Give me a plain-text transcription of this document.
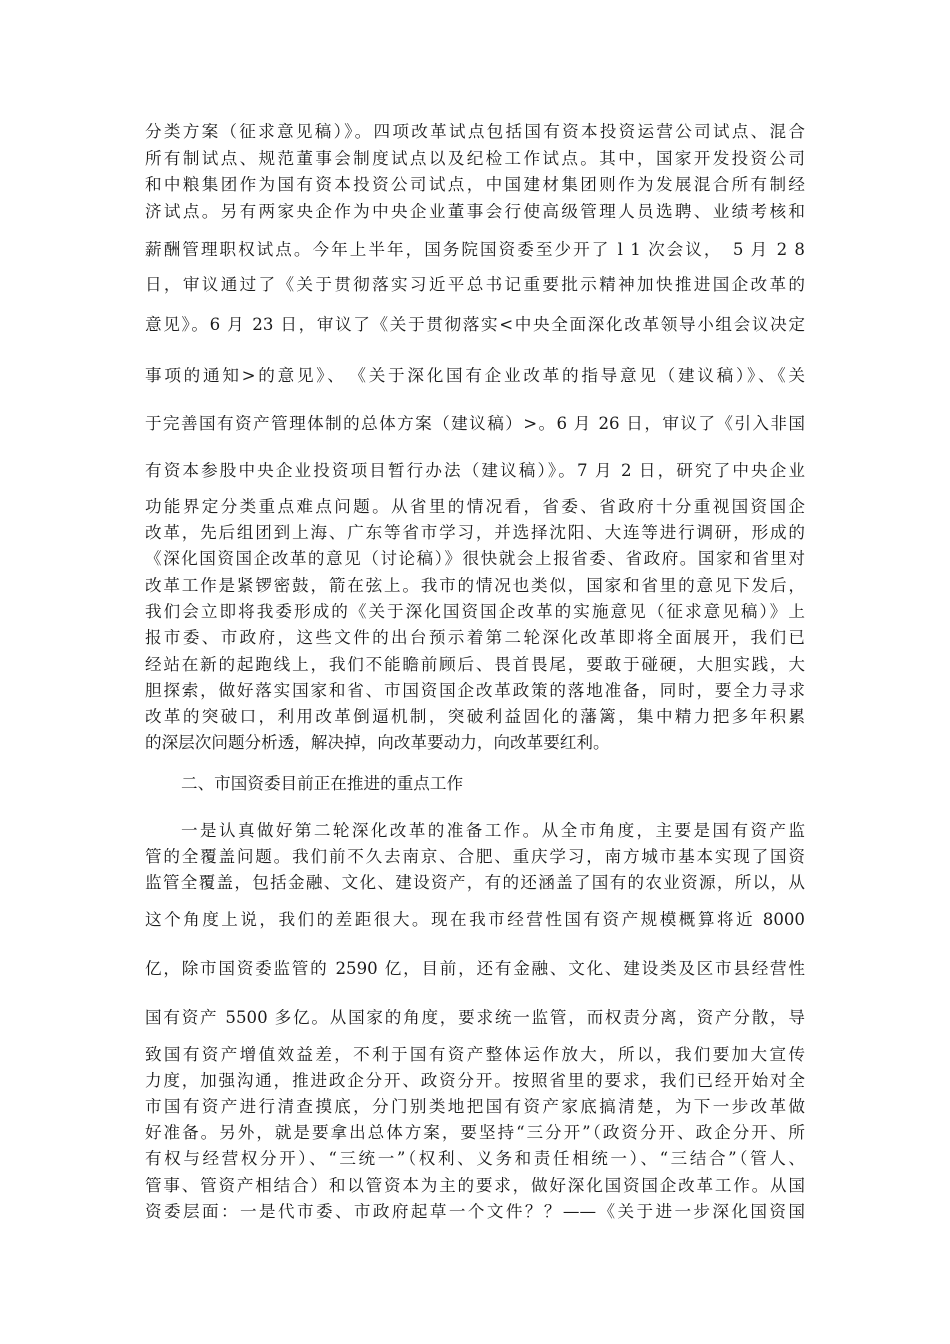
分类方案（征求意见稿）》。四项改革试点包括国有资本投资运营公司试点、混合

所有制试点、规范董事会制度试点以及纪检工作试点。其中，国家开发投资公司

和中粮集团作为国有资本投资公司试点，中国建材集团则作为发展混合所有制经

济试点。另有两家央企作为中央企业董事会行使高级管理人员选聘、业绩考核和

薪酬管理职权试点。今年上半年，国务院国资委至少开了 l 1 次会议，　5 月 2 8

日，审议通过了《关于贯彻落实习近平总书记重要批示精神加快推进国企改革的

意见》。6 月 23 日，审议了《关于贯彻落实<中央全面深化改革领导小组会议决定

事项的通知>的意见》、　《关于深化国有企业改革的指导意见（建议稿）》、《关

于完善国有资产管理体制的总体方案（建议稿）>。6 月 26 日，审议了《引入非国

有资本参股中央企业投资项目暂行办法（建议稿）》。7 月 2 日，研究了中央企业

功能界定分类重点难点问题。从省里的情况看，省委、省政府十分重视国资国企

改革，先后组团到上海、广东等省市学习，并选择沈阳、大连等进行调研，形成的

《深化国资国企改革的意见（讨论稿）》很快就会上报省委、省政府。国家和省里对

改革工作是紧锣密鼓，箭在弦上。我市的情况也类似，国家和省里的意见下发后，

我们会立即将我委形成的《关于深化国资国企改革的实施意见（征求意见稿）》上

报市委、市政府，这些文件的出台预示着第二轮深化改革即将全面展开，我们已

经站在新的起跑线上，我们不能瞻前顾后、畏首畏尾，要敢于碰硬，大胆实践，大

胆探索，做好落实国家和省、市国资国企改革政策的落地准备，同时，要全力寻求

改革的突破口，利用改革倒逼机制，突破利益固化的藩篱，集中精力把多年积累

的深层次问题分析透，解决掉，向改革要动力，向改革要红利。

二、市国资委目前正在推进的重点工作

一是认真做好第二轮深化改革的准备工作。从全市角度，主要是国有资产监

管的全覆盖问题。我们前不久去南京、合肥、重庆学习，南方城市基本实现了国资

监管全覆盖，包括金融、文化、建设资产，有的还涵盖了国有的农业资源，所以，从

这个角度上说，我们的差距很大。现在我市经营性国有资产规模概算将近 8000

亿，除市国资委监管的 2590 亿，目前，还有金融、文化、建设类及区市县经营性

国有资产 5500 多亿。从国家的角度，要求统一监管，而权责分离，资产分散，导

致国有资产增值效益差，不利于国有资产整体运作放大，所以，我们要加大宣传

力度，加强沟通，推进政企分开、政资分开。按照省里的要求，我们已经开始对全

市国有资产进行清查摸底，分门别类地把国有资产家底搞清楚，为下一步改革做

好准备。另外，就是要拿出总体方案，要坚持“三分开”（政资分开、政企分开、所

有权与经营权分开）、“三统一”（权利、义务和责任相统一）、“三结合”（管人、

管事、管资产相结合）和以管资本为主的要求，做好深化国资国企改革工作。从国

资委层面：一是代市委、市政府起草一个文件？？——《关于进一步深化国资国
